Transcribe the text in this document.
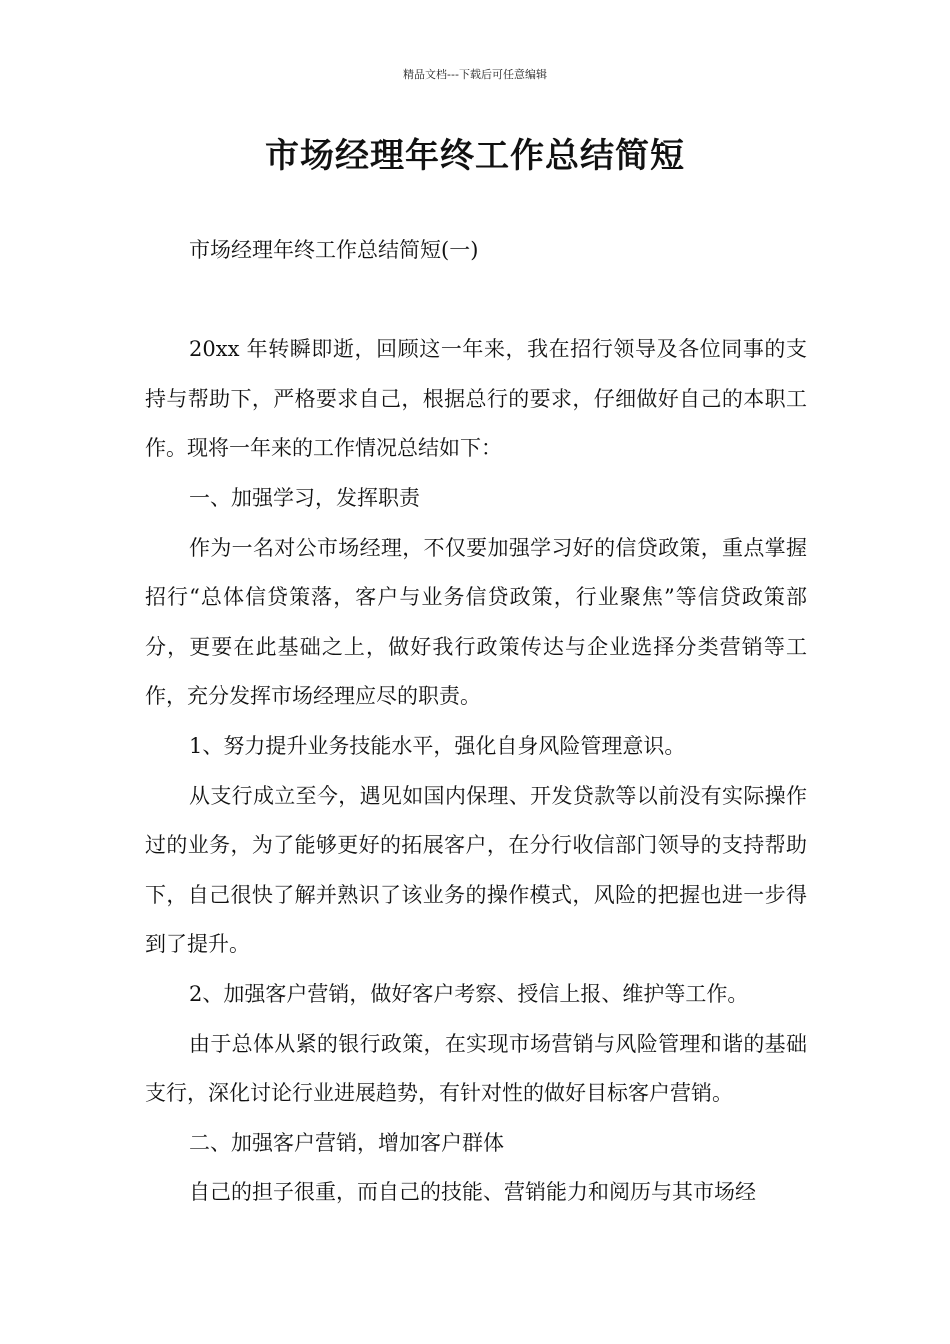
精品文档---下载后可任意编辑
市场经理年终工作总结简短

市场经理年终工作总结简短(一)

20xx 年转瞬即逝，回顾这一年来，我在招行领导及各位同事的支持与帮助下，严格要求自己，根据总行的要求，仔细做好自己的本职工作。现将一年来的工作情况总结如下：

一、加强学习，发挥职责

作为一名对公市场经理，不仅要加强学习好的信贷政策，重点掌握招行“总体信贷策落，客户与业务信贷政策，行业聚焦”等信贷政策部分，更要在此基础之上，做好我行政策传达与企业选择分类营销等工作，充分发挥市场经理应尽的职责。

1、努力提升业务技能水平，强化自身风险管理意识。

从支行成立至今，遇见如国内保理、开发贷款等以前没有实际操作过的业务，为了能够更好的拓展客户，在分行收信部门领导的支持帮助下，自己很快了解并熟识了该业务的操作模式，风险的把握也进一步得到了提升。

2、加强客户营销，做好客户考察、授信上报、维护等工作。

由于总体从紧的银行政策，在实现市场营销与风险管理和谐的基础支行，深化讨论行业进展趋势，有针对性的做好目标客户营销。

二、加强客户营销，增加客户群体

自己的担子很重，而自己的技能、营销能力和阅历与其市场经
